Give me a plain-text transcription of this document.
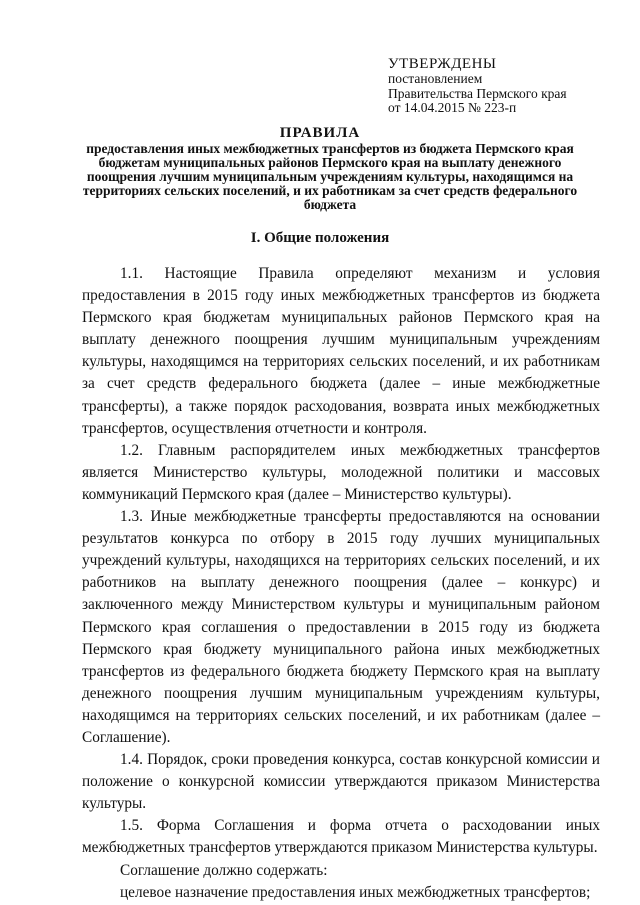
УТВЕРЖДЕНЫ
постановлением
Правительства Пермского края
от 14.04.2015 № 223-п
ПРАВИЛА
предоставления иных межбюджетных трансфертов из бюджета Пермского края бюджетам муниципальных районов Пермского края на выплату денежного поощрения лучшим муниципальным учреждениям культуры, находящимся на территориях сельских поселений, и их работникам за счет средств федерального бюджета
I. Общие положения

1.1. Настоящие Правила определяют механизм и условия предоставления в 2015 году иных межбюджетных трансфертов из бюджета Пермского края бюджетам муниципальных районов Пермского края на выплату денежного поощрения лучшим муниципальным учреждениям культуры, находящимся на территориях сельских поселений, и их работникам за счет средств федерального бюджета (далее – иные межбюджетные трансферты), а также порядок расходования, возврата иных межбюджетных трансфертов, осуществления отчетности и контроля.

1.2. Главным распорядителем иных межбюджетных трансфертов является Министерство культуры, молодежной политики и массовых коммуникаций Пермского края (далее – Министерство культуры).

1.3. Иные межбюджетные трансферты предоставляются на основании результатов конкурса по отбору в 2015 году лучших муниципальных учреждений культуры, находящихся на территориях сельских поселений, и их работников на выплату денежного поощрения (далее – конкурс) и заключенного между Министерством культуры и муниципальным районом Пермского края соглашения о предоставлении в 2015 году из бюджета Пермского края бюджету муниципального района иных межбюджетных трансфертов из федерального бюджета бюджету Пермского края на выплату денежного поощрения лучшим муниципальным учреждениям культуры, находящимся на территориях сельских поселений, и их работникам (далее – Соглашение).

1.4. Порядок, сроки проведения конкурса, состав конкурсной комиссии и положение о конкурсной комиссии утверждаются приказом Министерства культуры.

1.5. Форма Соглашения и форма отчета о расходовании иных межбюджетных трансфертов утверждаются приказом Министерства культуры.

Соглашение должно содержать:

целевое назначение предоставления иных межбюджетных трансфертов;
